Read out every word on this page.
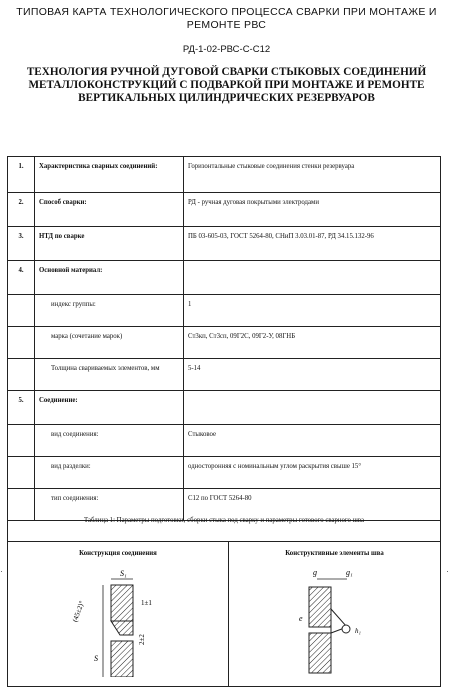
ТИПОВАЯ КАРТА ТЕХНОЛОГИЧЕСКОГО ПРОЦЕССА СВАРКИ ПРИ МОНТАЖЕ И РЕМОНТЕ РВС
РД-1-02-РВС-С-С12
ТЕХНОЛОГИЯ РУЧНОЙ ДУГОВОЙ СВАРКИ СТЫКОВЫХ СОЕДИНЕНИЙ МЕТАЛЛОКОНСТРУКЦИЙ С ПОДВАРКОЙ ПРИ МОНТАЖЕ И РЕМОНТЕ ВЕРТИКАЛЬНЫХ ЦИЛИНДРИЧЕСКИХ РЕЗЕРВУАРОВ
1.	Характеристика сварных соединений:	Горизонтальные стыковые соединения стенки резервуара
2.	Способ сварки:	РД - ручная дуговая покрытыми электродами
3.	НТД по сварке	ПБ 03-605-03, ГОСТ 5264-80, СНиП 3.03.01-87, РД 34.15.132-96
4.	Основной материал:	
	индекс группы:	1
	марка (сочетание марок)	Ст3кп, Ст3сп, 09Г2С, 09Г2-У, 08ГНБ
	Толщина свариваемых элементов, мм	5-14
5.	Соединение:	
	вид соединения:	Стыковое
	вид разделки:	односторонняя с номинальным углом раскрытия свыше 15°
	тип соединения:	С12 по ГОСТ 5264-80
Таблица 1: Параметры подготовки, сборки стыка под сварку и параметры готового сварного шва
·	·
Конструкция соединения
S₁
1±1
(45±2)°
S
2±2
Конструктивные элементы шва
g	g₁
e
h₁
